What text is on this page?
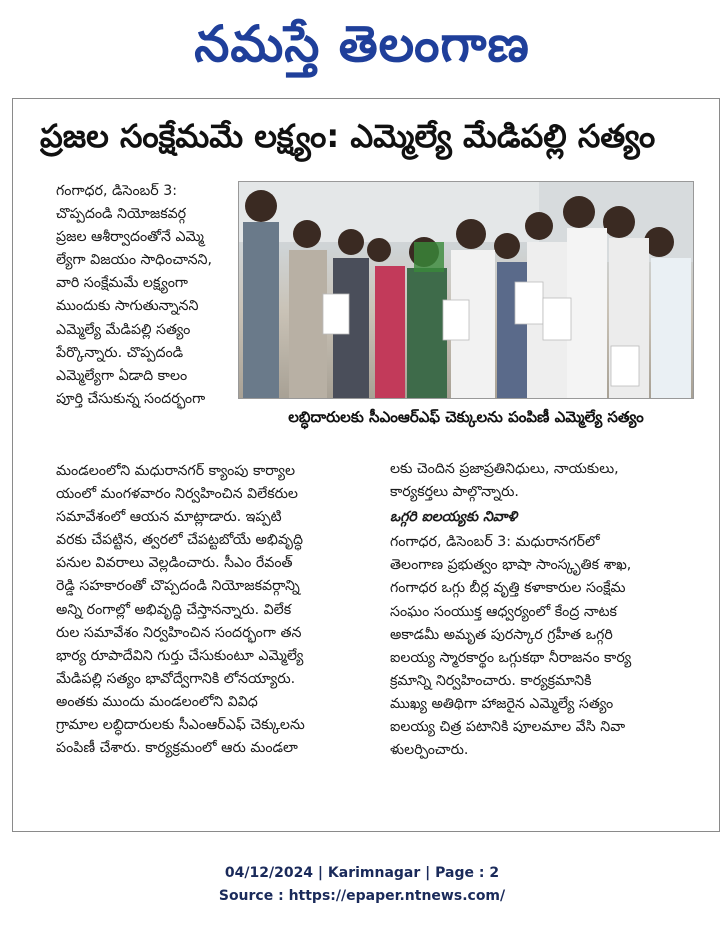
నమస్తే తెలంగాణ
ప్రజల సంక్షేమమే లక్ష్యం: ఎమ్మెల్యే మేడిపల్లి సత్యం

గంగాధర, డిసెంబర్ 3:

చొప్పదండి నియోజకవర్గ

ప్రజల ఆశీర్వాదంతోనే ఎమ్మె

ల్యేగా విజయం సాధించానని,

వారి సంక్షేమమే లక్ష్యంగా

ముందుకు సాగుతున్నానని

ఎమ్మెల్యే మేడిపల్లి సత్యం

పేర్కొన్నారు. చొప్పదండి

ఎమ్మెల్యేగా ఏడాది కాలం

పూర్తి చేసుకున్న సందర్భంగా

లబ్ధిదారులకు సీఎంఆర్ఎఫ్ చెక్కులను పంపిణీ ఎమ్మెల్యే సత్యం

మండలంలోని మధురానగర్ క్యాంపు కార్యాల

యంలో మంగళవారం నిర్వహించిన విలేకరుల

సమావేశంలో ఆయన మాట్లాడారు. ఇప్పటి

వరకు చేపట్టిన, త్వరలో చేపట్టబోయే అభివృద్ధి

పనుల వివరాలు వెల్లడించారు. సీఎం రేవంత్

రెడ్డి సహకారంతో చొప్పదండి నియోజకవర్గాన్ని

అన్ని రంగాల్లో అభివృద్ధి చేస్తానన్నారు. విలేక

రుల సమావేశం నిర్వహించిన సందర్భంగా తన

భార్య రూపాదేవిని గుర్తు చేసుకుంటూ ఎమ్మెల్యే

మేడిపల్లి సత్యం భావోద్వేగానికి లోనయ్యారు.

అంతకు ముందు మండలంలోని వివిధ

గ్రామాల లబ్ధిదారులకు సీఎంఆర్ఎఫ్ చెక్కులను

పంపిణీ చేశారు. కార్యక్రమంలో ఆరు మండలా

లకు చెందిన ప్రజాప్రతినిధులు, నాయకులు,

కార్యకర్తలు పాల్గొన్నారు.

ఒగ్గరి ఐలయ్యకు నివాళి

గంగాధర, డిసెంబర్ 3: మధురానగర్‌లో

తెలంగాణ ప్రభుత్వం భాషా సాంస్కృతిక శాఖ,

గంగాధర ఒగ్గు బీర్ల వృత్తి కళాకారుల సంక్షేమ

సంఘం సంయుక్త ఆధ్వర్యంలో కేంద్ర నాటక

అకాడమీ అమృత పురస్కార గ్రహీత ఒగ్గరి

ఐలయ్య స్మారకార్థం ఒగ్గుకథా నీరాజనం కార్య

క్రమాన్ని నిర్వహించారు. కార్యక్రమానికి

ముఖ్య అతిథిగా హాజరైన ఎమ్మెల్యే సత్యం

ఐలయ్య చిత్ర పటానికి పూలమాల వేసి నివా

ళులర్పించారు.

04/12/2024 | Karimnagar | Page : 2
Source : https://epaper.ntnews.com/
